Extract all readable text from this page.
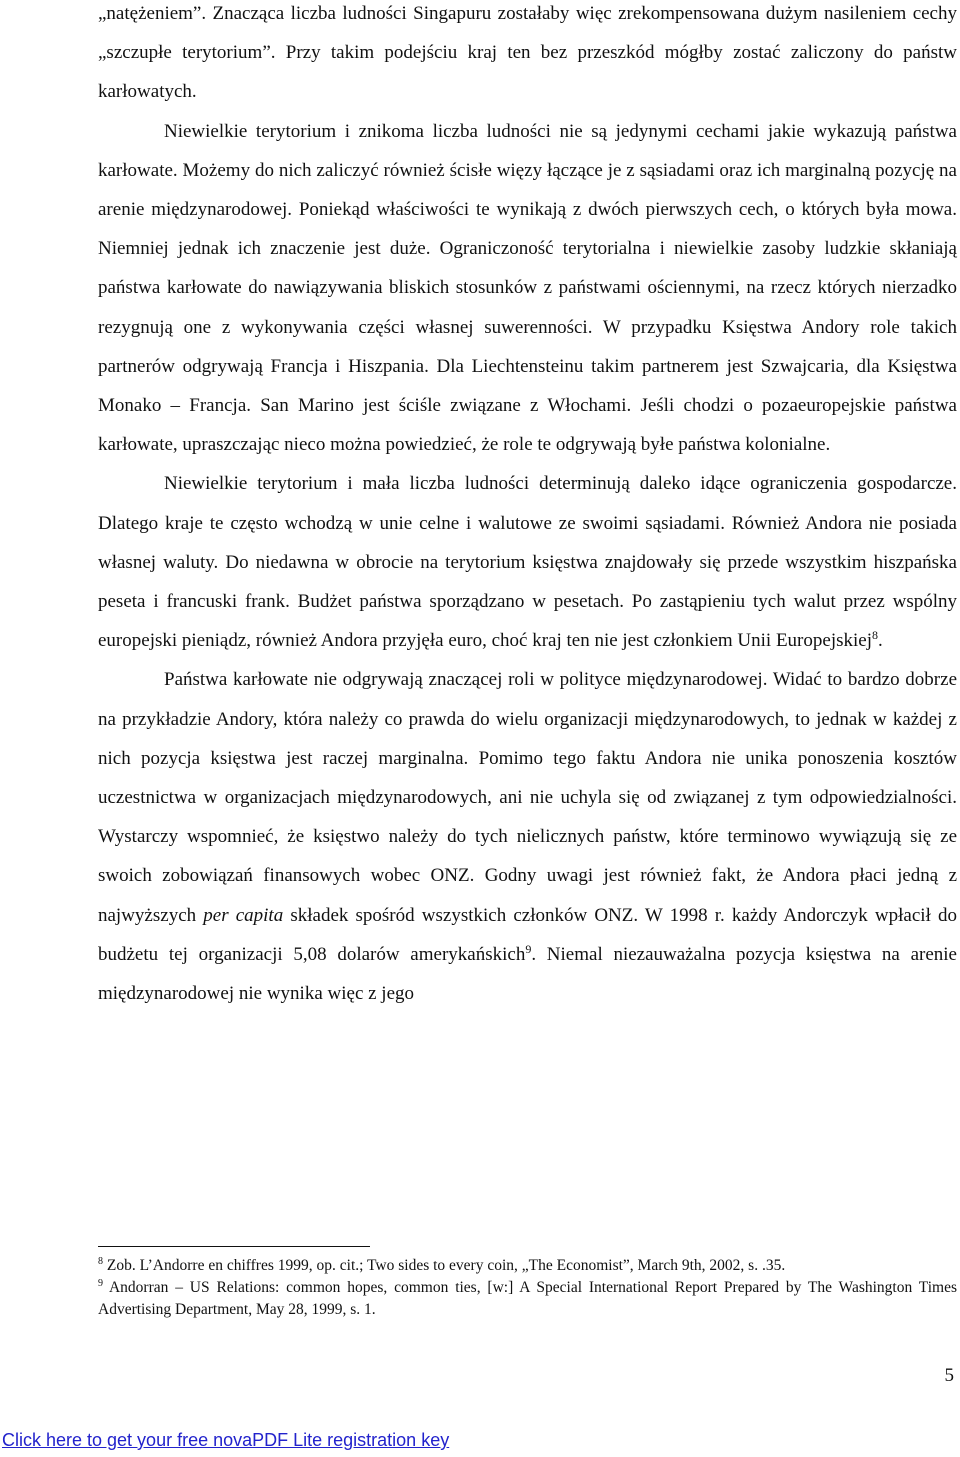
„natężeniem”. Znacząca liczba ludności Singapuru zostałaby więc zrekompensowana dużym nasileniem cechy „szczupłe terytorium”. Przy takim podejściu kraj ten bez przeszkód mógłby zostać zaliczony do państw karłowatych.

Niewielkie terytorium i znikoma liczba ludności nie są jedynymi cechami jakie wykazują państwa karłowate. Możemy do nich zaliczyć również ścisłe więzy łączące je z sąsiadami oraz ich marginalną pozycję na arenie międzynarodowej. Poniekąd właściwości te wynikają z dwóch pierwszych cech, o których była mowa. Niemniej jednak ich znaczenie jest duże. Ograniczoność terytorialna i niewielkie zasoby ludzkie skłaniają państwa karłowate do nawiązywania bliskich stosunków z państwami ościennymi, na rzecz których nierzadko rezygnują one z wykonywania części własnej suwerenności. W przypadku Księstwa Andory role takich partnerów odgrywają Francja i Hiszpania. Dla Liechtensteinu takim partnerem jest Szwajcaria, dla Księstwa Monako – Francja. San Marino jest ściśle związane z Włochami. Jeśli chodzi o pozaeuropejskie państwa karłowate, upraszczając nieco można powiedzieć, że role te odgrywają byłe państwa kolonialne.

Niewielkie terytorium i mała liczba ludności determinują daleko idące ograniczenia gospodarcze. Dlatego kraje te często wchodzą w unie celne i walutowe ze swoimi sąsiadami. Również Andora nie posiada własnej waluty. Do niedawna w obrocie na terytorium księstwa znajdowały się przede wszystkim hiszpańska peseta i francuski frank. Budżet państwa sporządzano w pesetach. Po zastąpieniu tych walut przez wspólny europejski pieniądz, również Andora przyjęła euro, choć kraj ten nie jest członkiem Unii Europejskiej$^8$.

Państwa karłowate nie odgrywają znaczącej roli w polityce międzynarodowej. Widać to bardzo dobrze na przykładzie Andory, która należy co prawda do wielu organizacji międzynarodowych, to jednak w każdej z nich pozycja księstwa jest raczej marginalna. Pomimo tego faktu Andora nie unika ponoszenia kosztów uczestnictwa w organizacjach międzynarodowych, ani nie uchyla się od związanej z tym odpowiedzialności. Wystarczy wspomnieć, że księstwo należy do tych nielicznych państw, które terminowo wywiązują się ze swoich zobowiązań finansowych wobec ONZ. Godny uwagi jest również fakt, że Andora płaci jedną z najwyższych per capita składek spośród wszystkich członków ONZ. W 1998 r. każdy Andorczyk wpłacił do budżetu tej organizacji 5,08 dolarów amerykańskich$^9$. Niemal niezauważalna pozycja księstwa na arenie międzynarodowej nie wynika więc z jego

$^8$ Zob. L’Andorre en chiffres 1999, op. cit.; Two sides to every coin, „The Economist”, March 9th, 2002, s. .35.

$^9$ Andorran – US Relations: common hopes, common ties, [w:] A Special International Report Prepared by The Washington Times Advertising Department, May 28, 1999, s. 1.

5
Click here to get your free novaPDF Lite registration key
